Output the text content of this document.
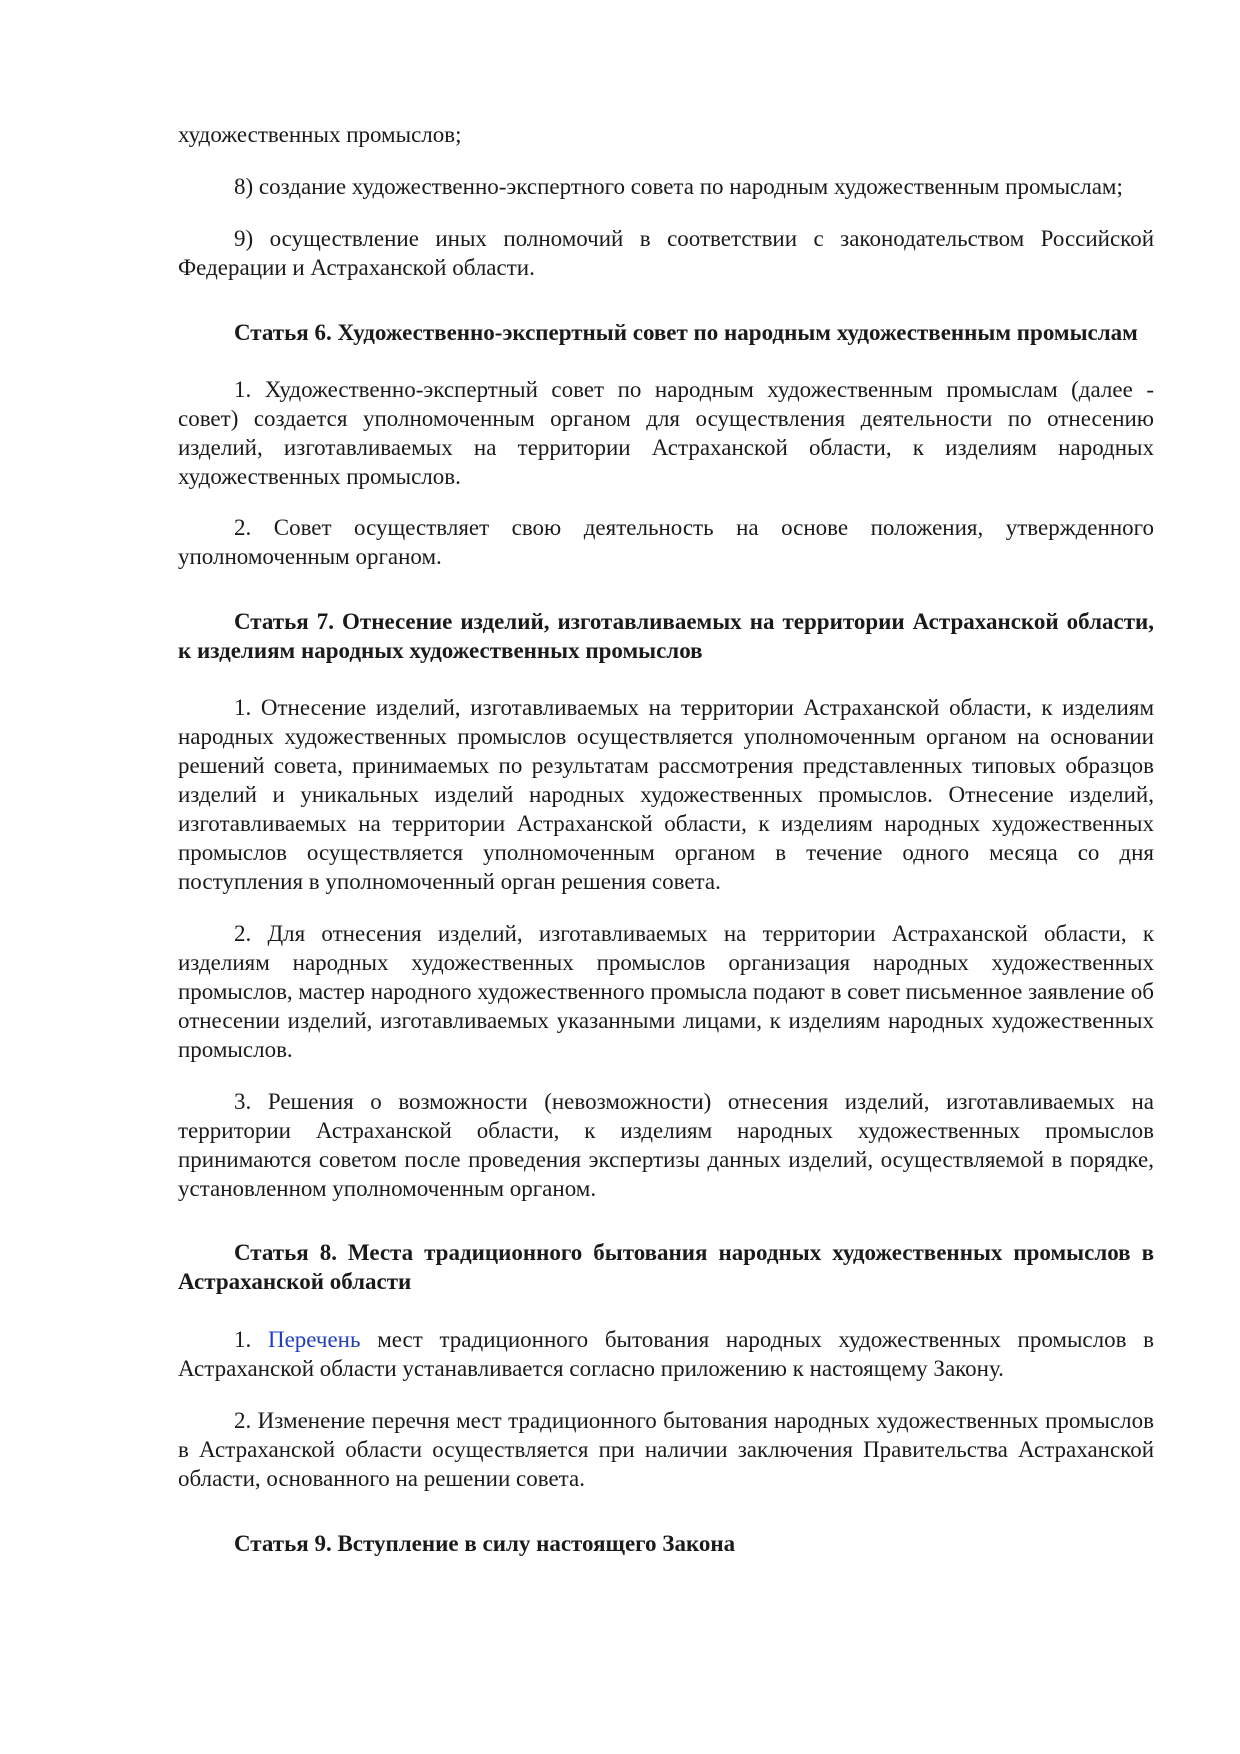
художественных промыслов;

8) создание художественно-экспертного совета по народным художественным промыслам;

9) осуществление иных полномочий в соответствии с законодательством Российской Федерации и Астраханской области.

Статья 6. Художественно-экспертный совет по народным художественным промыслам

1. Художественно-экспертный совет по народным художественным промыслам (далее - совет) создается уполномоченным органом для осуществления деятельности по отнесению изделий, изготавливаемых на территории Астраханской области, к изделиям народных художественных промыслов.

2. Совет осуществляет свою деятельность на основе положения, утвержденного уполномоченным органом.

Статья 7. Отнесение изделий, изготавливаемых на территории Астраханской области, к изделиям народных художественных промыслов

1. Отнесение изделий, изготавливаемых на территории Астраханской области, к изделиям народных художественных промыслов осуществляется уполномоченным органом на основании решений совета, принимаемых по результатам рассмотрения представленных типовых образцов изделий и уникальных изделий народных художественных промыслов. Отнесение изделий, изготавливаемых на территории Астраханской области, к изделиям народных художественных промыслов осуществляется уполномоченным органом в течение одного месяца со дня поступления в уполномоченный орган решения совета.

2. Для отнесения изделий, изготавливаемых на территории Астраханской области, к изделиям народных художественных промыслов организация народных художественных промыслов, мастер народного художественного промысла подают в совет письменное заявление об отнесении изделий, изготавливаемых указанными лицами, к изделиям народных художественных промыслов.

3. Решения о возможности (невозможности) отнесения изделий, изготавливаемых на территории Астраханской области, к изделиям народных художественных промыслов принимаются советом после проведения экспертизы данных изделий, осуществляемой в порядке, установленном уполномоченным органом.

Статья 8. Места традиционного бытования народных художественных промыслов в Астраханской области

1. Перечень мест традиционного бытования народных художественных промыслов в Астраханской области устанавливается согласно приложению к настоящему Закону.

2. Изменение перечня мест традиционного бытования народных художественных промыслов в Астраханской области осуществляется при наличии заключения Правительства Астраханской области, основанного на решении совета.

Статья 9. Вступление в силу настоящего Закона
